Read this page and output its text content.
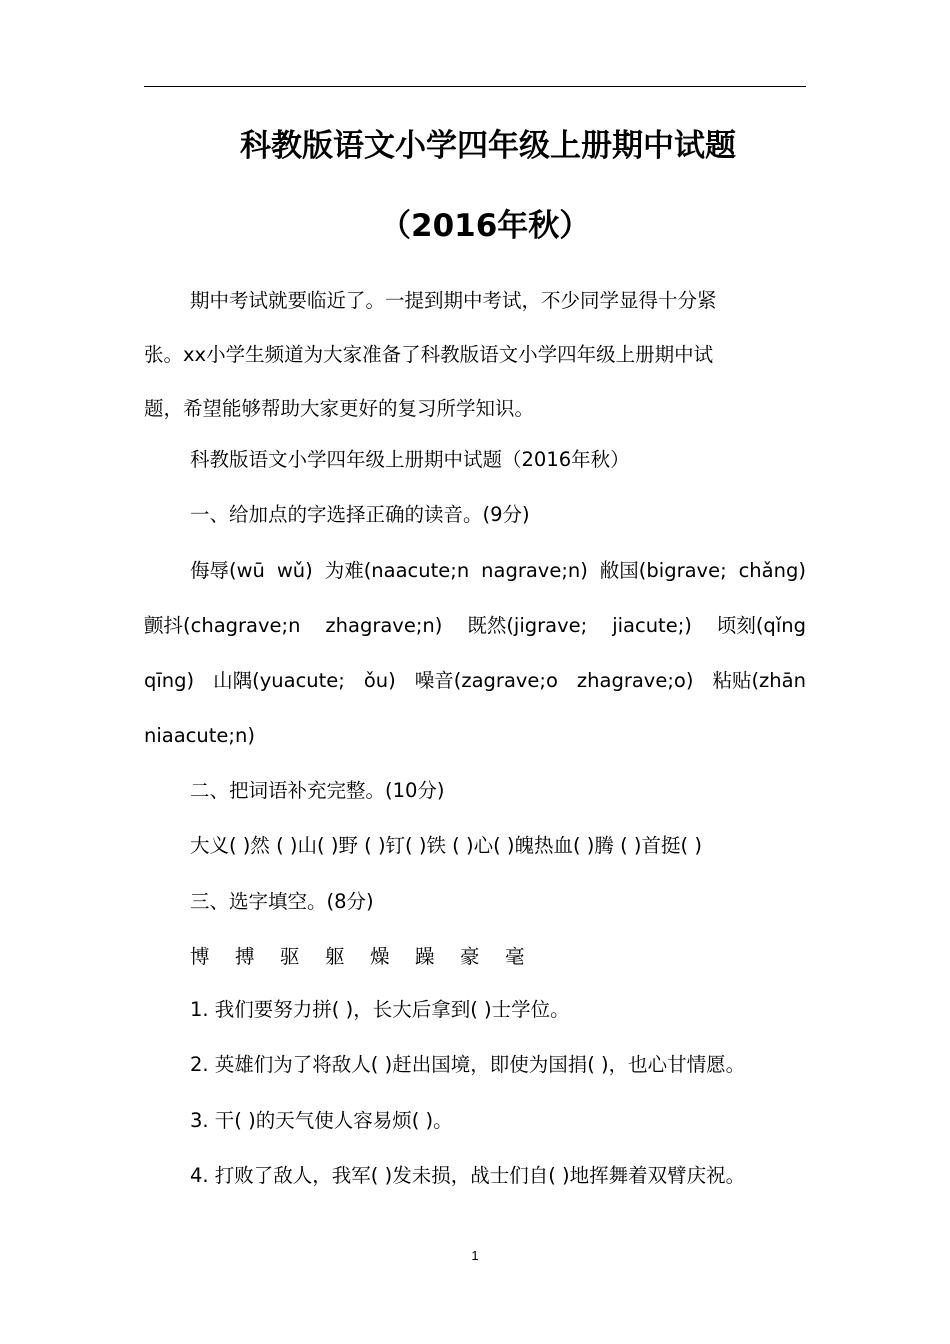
科教版语文小学四年级上册期中试题
（2016年秋）
期中考试就要临近了。一提到期中考试，不少同学显得十分紧
张。xx小学生频道为大家准备了科教版语文小学四年级上册期中试
题，希望能够帮助大家更好的复习所学知识。
科教版语文小学四年级上册期中试题（2016年秋）
一、给加点的字选择正确的读音。(9分)
侮辱(wū wǔ) 为难(naacute;n nagrave;n) 敝国(bigrave; chǎng)
颤抖(chagrave;n zhagrave;n) 既然(jigrave; jiacute;) 顷刻(qǐng
qīng) 山隅(yuacute; ǒu) 噪音(zagrave;o zhagrave;o) 粘贴(zhān
niaacute;n)
二、把词语补充完整。(10分)
大义( )然 ( )山( )野 ( )钉( )铁 ( )心( )魄热血( )腾 ( )首挺( )
三、选字填空。(8分)
博 搏 驱 躯 燥 躁 豪 毫
1. 我们要努力拼( )，长大后拿到( )士学位。
2. 英雄们为了将敌人( )赶出国境，即使为国捐( )，也心甘情愿。
3. 干( )的天气使人容易烦( )。
4. 打败了敌人，我军( )发未损，战士们自( )地挥舞着双臂庆祝。
1
